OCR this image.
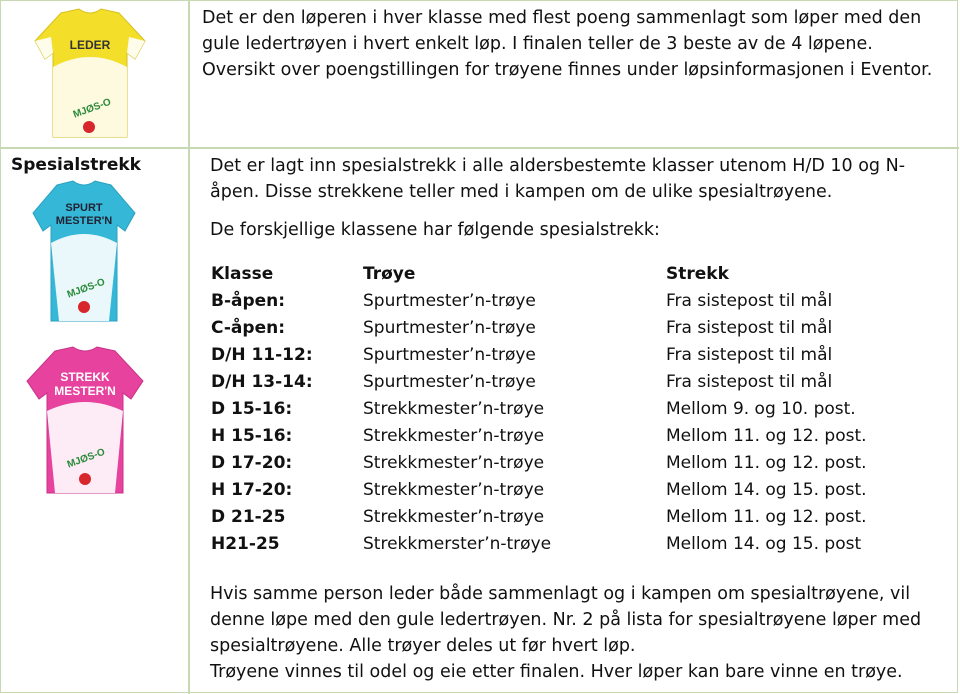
LEDER
MJØS-O
Det er den løperen i hver klasse med flest poeng sammenlagt som løper med den gule ledertrøyen i hvert enkelt løp. I finalen teller de 3 beste av de 4 løpene. Oversikt over poengstillingen for trøyene finnes under løpsinformasjonen i Eventor.
Spesialstrekk
SPURT
MESTER'N
MJØS-O
STREKK
MESTER'N
MJØS-O
Det er lagt inn spesialstrekk i alle aldersbestemte klasser utenom H/D 10 og N-åpen. Disse strekkene teller med i kampen om de ulike spesialtrøyene.
De forskjellige klassene har følgende spesialstrekk:
Klasse	Trøye	Strekk
B-åpen:	Spurtmester’n-trøye	Fra sistepost til mål
C-åpen:	Spurtmester’n-trøye	Fra sistepost til mål
D/H 11-12:	Spurtmester’n-trøye	Fra sistepost til mål
D/H 13-14:	Spurtmester’n-trøye	Fra sistepost til mål
D 15-16:	Strekkmester’n-trøye	Mellom 9. og 10. post.
H 15-16:	Strekkmester’n-trøye	Mellom 11. og 12. post.
D 17-20:	Strekkmester’n-trøye	Mellom 11. og 12. post.
H 17-20:	Strekkmester’n-trøye	Mellom 14. og 15. post.
D 21-25	Strekkmester’n-trøye	Mellom 11. og 12. post.
H21-25	Strekkmerster’n-trøye	Mellom 14. og 15. post
Hvis samme person leder både sammenlagt og i kampen om spesialtrøyene, vil denne løpe med den gule ledertrøyen. Nr. 2 på lista for spesialtrøyene løper med spesialtrøyene. Alle trøyer deles ut før hvert løp.
Trøyene vinnes til odel og eie etter finalen. Hver løper kan bare vinne en trøye.
